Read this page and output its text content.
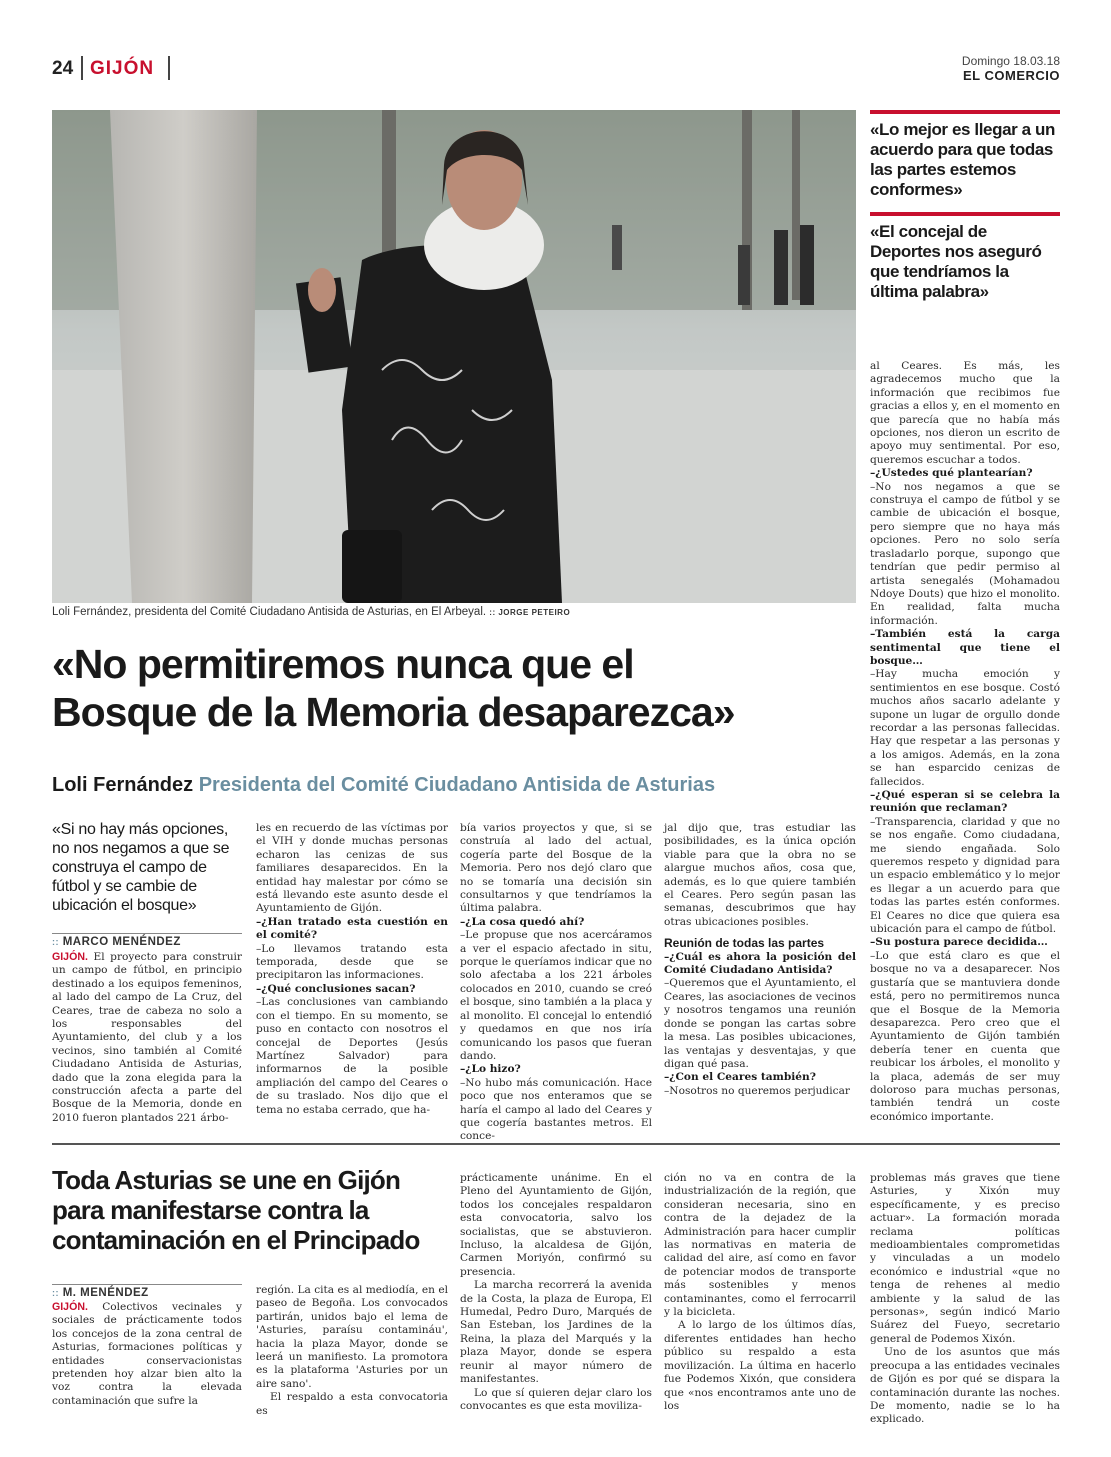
24 GIJÓN	Domingo 18.03.18
EL COMERCIO
Loli Fernández, presidenta del Comité Ciudadano Antisida de Asturias, en El Arbeyal. :: JORGE PETEIRO
«Lo mejor es llegar a un acuerdo para que todas las partes estemos conformes»
«El concejal de Deportes nos aseguró que tendríamos la última palabra»
«No permitiremos nunca que el
Bosque de la Memoria desaparezca»
Loli Fernández Presidenta del Comité Ciudadano Antisida de Asturias
«Si no hay más opciones, no nos negamos a que se construya el campo de fútbol y se cambie de ubicación el bosque»
:: MARCO MENÉNDEZ

GIJÓN. El proyecto para construir un campo de fútbol, en principio destinado a los equipos femeninos, al lado del campo de La Cruz, del Ceares, trae de cabeza no solo a los responsables del Ayuntamiento, del club y a los vecinos, sino también al Comité Ciudadano Antisida de Asturias, dado que la zona elegida para la construcción afecta a parte del Bosque de la Memoria, donde en 2010 fueron plantados 221 árbo-

les en recuerdo de las víctimas por el VIH y donde muchas personas echaron las cenizas de sus familiares desaparecidos. En la entidad hay malestar por cómo se está llevando este asunto desde el Ayuntamiento de Gijón.

–¿Han tratado esta cuestión en el comité?

–Lo llevamos tratando esta temporada, desde que se precipitaron las informaciones.

–¿Qué conclusiones sacan?

–Las conclusiones van cambiando con el tiempo. En su momento, se puso en contacto con nosotros el concejal de Deportes (Jesús Martínez Salvador) para informarnos de la posible ampliación del campo del Ceares o de su traslado. Nos dijo que el tema no estaba cerrado, que ha-

bía varios proyectos y que, si se construía al lado del actual, cogería parte del Bosque de la Memoria. Pero nos dejó claro que no se tomaría una decisión sin consultarnos y que tendríamos la última palabra.

–¿La cosa quedó ahí?

–Le propuse que nos acercáramos a ver el espacio afectado in situ, porque le queríamos indicar que no solo afectaba a los 221 árboles colocados en 2010, cuando se creó el bosque, sino también a la placa y al monolito. El concejal lo entendió y quedamos en que nos iría comunicando los pasos que fueran dando.

–¿Lo hizo?

–No hubo más comunicación. Hace poco que nos enteramos que se haría el campo al lado del Ceares y que cogería bastantes metros. El conce-

jal dijo que, tras estudiar las posibilidades, es la única opción viable para que la obra no se alargue muchos años, cosa que, además, es lo que quiere también el Ceares. Pero según pasan las semanas, descubrimos que hay otras ubicaciones posibles.

Reunión de todas las partes

–¿Cuál es ahora la posición del Comité Ciudadano Antisida?

–Queremos que el Ayuntamiento, el Ceares, las asociaciones de vecinos y nosotros tengamos una reunión donde se pongan las cartas sobre la mesa. Las posibles ubicaciones, las ventajas y desventajas, y que digan qué pasa.

–¿Con el Ceares también?

–Nosotros no queremos perjudicar

al Ceares. Es más, les agradecemos mucho que la información que recibimos fue gracias a ellos y, en el momento en que parecía que no había más opciones, nos dieron un escrito de apoyo muy sentimental. Por eso, queremos escuchar a todos.

–¿Ustedes qué plantearían?

–No nos negamos a que se construya el campo de fútbol y se cambie de ubicación el bosque, pero siempre que no haya más opciones. Pero no solo sería trasladarlo porque, supongo que tendrían que pedir permiso al artista senegalés (Mohamadou Ndoye Douts) que hizo el monolito. En realidad, falta mucha información.

–También está la carga sentimental que tiene el bosque…

–Hay mucha emoción y sentimientos en ese bosque. Costó muchos años sacarlo adelante y supone un lugar de orgullo donde recordar a las personas fallecidas. Hay que respetar a las personas y a los amigos. Además, en la zona se han esparcido cenizas de fallecidos.

–¿Qué esperan si se celebra la reunión que reclaman?

–Transparencia, claridad y que no se nos engañe. Como ciudadana, me siendo engañada. Solo queremos respeto y dignidad para un espacio emblemático y lo mejor es llegar a un acuerdo para que todas las partes estén conformes. El Ceares no dice que quiera esa ubicación para el campo de fútbol.

–Su postura parece decidida…

–Lo que está claro es que el bosque no va a desaparecer. Nos gustaría que se mantuviera donde está, pero no permitiremos nunca que el Bosque de la Memoria desaparezca. Pero creo que el Ayuntamiento de Gijón también debería tener en cuenta que reubicar los árboles, el monolito y la placa, además de ser muy doloroso para muchas personas, también tendrá un coste económico importante.

Toda Asturias se une en Gijón para manifestarse contra la contaminación en el Principado
:: M. MENÉNDEZ

GIJÓN. Colectivos vecinales y sociales de prácticamente todos los concejos de la zona central de Asturias, formaciones políticas y entidades conservacionistas pretenden hoy alzar bien alto la voz contra la elevada contaminación que sufre la

región. La cita es al mediodía, en el paseo de Begoña. Los convocados partirán, unidos bajo el lema de 'Asturies, paraísu contamináu', hacia la plaza Mayor, donde se leerá un manifiesto. La promotora es la plataforma 'Asturies por un aire sano'.

El respaldo a esta convocatoria es

prácticamente unánime. En el Pleno del Ayuntamiento de Gijón, todos los concejales respaldaron esta convocatoria, salvo los socialistas, que se abstuvieron. Incluso, la alcaldesa de Gijón, Carmen Moriyón, confirmó su presencia.

La marcha recorrerá la avenida de la Costa, la plaza de Europa, El Humedal, Pedro Duro, Marqués de San Esteban, los Jardines de la Reina, la plaza del Marqués y la plaza Mayor, donde se espera reunir al mayor número de manifestantes.

Lo que sí quieren dejar claro los convocantes es que esta moviliza-

ción no va en contra de la industrialización de la región, que consideran necesaria, sino en contra de la dejadez de la Administración para hacer cumplir las normativas en materia de calidad del aire, así como en favor de potenciar modos de transporte más sostenibles y menos contaminantes, como el ferrocarril y la bicicleta.

A lo largo de los últimos días, diferentes entidades han hecho público su respaldo a esta movilización. La última en hacerlo fue Podemos Xixón, que considera que «nos encontramos ante uno de los

problemas más graves que tiene Asturies, y Xixón muy específicamente, y es preciso actuar». La formación morada reclama políticas medioambientales comprometidas y vinculadas a un modelo económico e industrial «que no tenga de rehenes al medio ambiente y la salud de las personas», según indicó Mario Suárez del Fueyo, secretario general de Podemos Xixón.

Uno de los asuntos que más preocupa a las entidades vecinales de Gijón es por qué se dispara la contaminación durante las noches. De momento, nadie se lo ha explicado.
